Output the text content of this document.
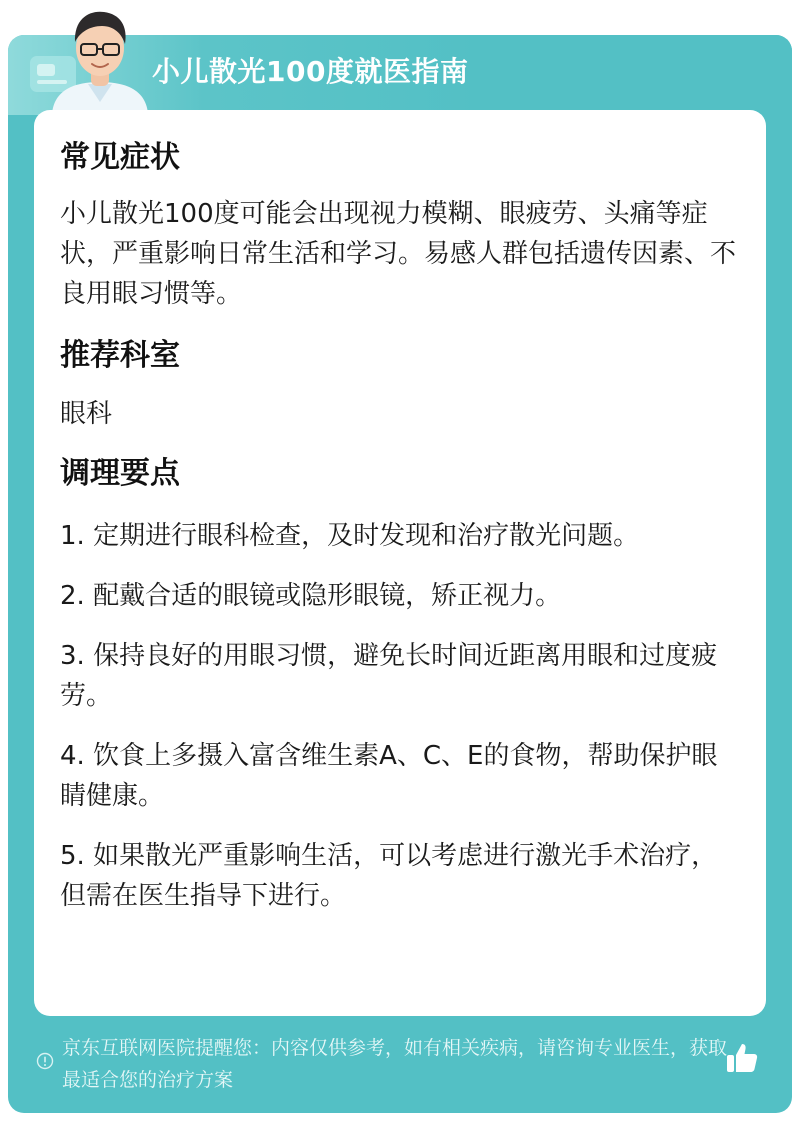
小儿散光100度就医指南
常见症状

小儿散光100度可能会出现视力模糊、眼疲劳、头痛等症状，严重影响日常生活和学习。易感人群包括遗传因素、不良用眼习惯等。

推荐科室

眼科

调理要点

1. 定期进行眼科检查，及时发现和治疗散光问题。

2. 配戴合适的眼镜或隐形眼镜，矫正视力。

3. 保持良好的用眼习惯，避免长时间近距离用眼和过度疲劳。

4. 饮食上多摄入富含维生素A、C、E的食物，帮助保护眼睛健康。

5. 如果散光严重影响生活，可以考虑进行激光手术治疗，但需在医生指导下进行。

京东互联网医院提醒您：内容仅供参考，如有相关疾病，请咨询专业医生，获取最适合您的治疗方案
